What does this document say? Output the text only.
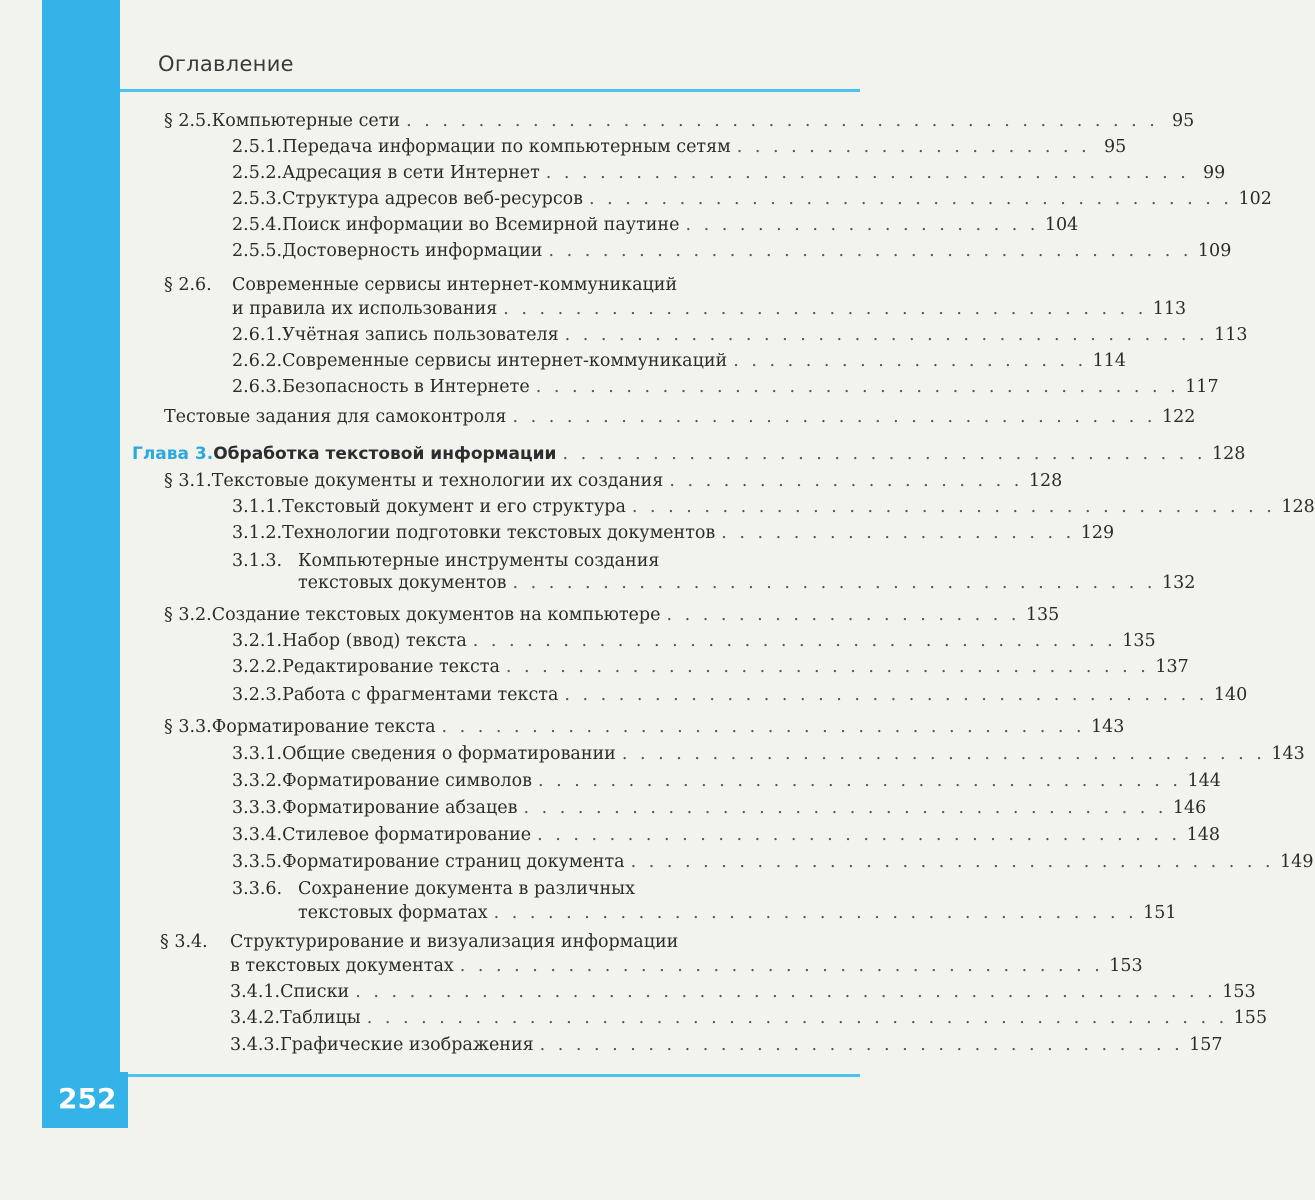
Оглавление
§ 2.5. Компьютерные сети . . . . . . . . . . . . . . . . . . . . . . . . . . . . . . . . . . . . . . . . . . 95
2.5.1. Передача информации по компьютерным сетям . . . . . . . . . . . . . . . . . . . . 95
2.5.2. Адресация в сети Интернет . . . . . . . . . . . . . . . . . . . . . . . . . . . . . . . . . . . . 99
2.5.3. Структура адресов веб-ресурсов . . . . . . . . . . . . . . . . . . . . . . . . . . . . . . . . . . . . 102
2.5.4. Поиск информации во Всемирной паутине . . . . . . . . . . . . . . . . . . . . 104
2.5.5. Достоверность информации . . . . . . . . . . . . . . . . . . . . . . . . . . . . . . . . . . . . 109
§ 2.6. Современные сервисы интернет-коммуникаций
и правила их использования . . . . . . . . . . . . . . . . . . . . . . . . . . . . . . . . . . . . 113
2.6.1. Учётная запись пользователя . . . . . . . . . . . . . . . . . . . . . . . . . . . . . . . . . . . . 113
2.6.2. Современные сервисы интернет-коммуникаций . . . . . . . . . . . . . . . . . . . . 114
2.6.3. Безопасность в Интернете . . . . . . . . . . . . . . . . . . . . . . . . . . . . . . . . . . . . 117
Тестовые задания для самоконтроля . . . . . . . . . . . . . . . . . . . . . . . . . . . . . . . . . . . . 122
Глава 3. Обработка текстовой информации . . . . . . . . . . . . . . . . . . . . . . . . . . . . . . . . . . . . 128
§ 3.1. Текстовые документы и технологии их создания . . . . . . . . . . . . . . . . . . . . 128
3.1.1. Текстовый документ и его структура . . . . . . . . . . . . . . . . . . . . . . . . . . . . . . . . . . . . 128
3.1.2. Технологии подготовки текстовых документов . . . . . . . . . . . . . . . . . . . . 129
3.1.3. Компьютерные инструменты создания
текстовых документов . . . . . . . . . . . . . . . . . . . . . . . . . . . . . . . . . . . . 132
§ 3.2. Создание текстовых документов на компьютере . . . . . . . . . . . . . . . . . . . . 135
3.2.1. Набор (ввод) текста . . . . . . . . . . . . . . . . . . . . . . . . . . . . . . . . . . . . 135
3.2.2. Редактирование текста . . . . . . . . . . . . . . . . . . . . . . . . . . . . . . . . . . . . 137
3.2.3. Работа с фрагментами текста . . . . . . . . . . . . . . . . . . . . . . . . . . . . . . . . . . . . 140
§ 3.3. Форматирование текста . . . . . . . . . . . . . . . . . . . . . . . . . . . . . . . . . . . . 143
3.3.1. Общие сведения о форматировании . . . . . . . . . . . . . . . . . . . . . . . . . . . . . . . . . . . . 143
3.3.2. Форматирование символов . . . . . . . . . . . . . . . . . . . . . . . . . . . . . . . . . . . . 144
3.3.3. Форматирование абзацев . . . . . . . . . . . . . . . . . . . . . . . . . . . . . . . . . . . . 146
3.3.4. Стилевое форматирование . . . . . . . . . . . . . . . . . . . . . . . . . . . . . . . . . . . . 148
3.3.5. Форматирование страниц документа . . . . . . . . . . . . . . . . . . . . . . . . . . . . . . . . . . . . 149
3.3.6. Сохранение документа в различных
текстовых форматах . . . . . . . . . . . . . . . . . . . . . . . . . . . . . . . . . . . . 151
§ 3.4. Структурирование и визуализация информации
в текстовых документах . . . . . . . . . . . . . . . . . . . . . . . . . . . . . . . . . . . . 153
3.4.1. Списки . . . . . . . . . . . . . . . . . . . . . . . . . . . . . . . . . . . . . . . . . . . . . . . . 153
3.4.2. Таблицы . . . . . . . . . . . . . . . . . . . . . . . . . . . . . . . . . . . . . . . . . . . . . . . . 155
3.4.3. Графические изображения . . . . . . . . . . . . . . . . . . . . . . . . . . . . . . . . . . . . 157
252
